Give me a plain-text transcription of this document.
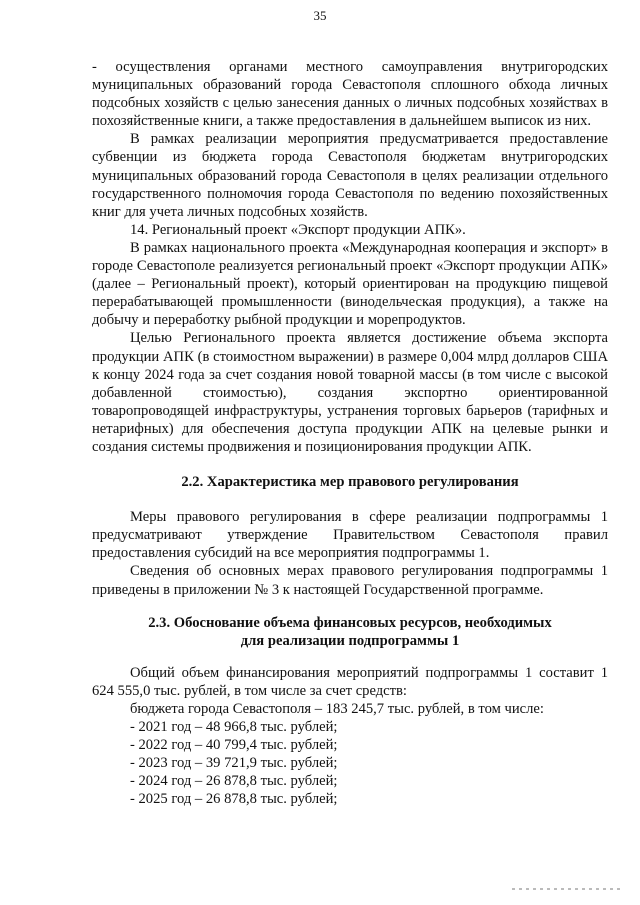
35

- осуществления органами местного самоуправления внутригородских муниципальных образований города Севастополя сплошного обхода личных подсобных хозяйств с целью занесения данных о личных подсобных хозяйствах в похозяйственные книги, а также предоставления в дальнейшем выписок из них.

В рамках реализации мероприятия предусматривается предоставление субвенции из бюджета города Севастополя бюджетам внутригородских муниципальных образований города Севастополя в целях реализации отдельного государственного полномочия города Севастополя по ведению похозяйственных книг для учета личных подсобных хозяйств.

14. Региональный проект «Экспорт продукции АПК».

В рамках национального проекта «Международная кооперация и экспорт» в городе Севастополе реализуется региональный проект «Экспорт продукции АПК» (далее – Региональный проект), который ориентирован на продукцию пищевой перерабатывающей промышленности (винодельческая продукция), а также на добычу и переработку рыбной продукции и морепродуктов.

Целью Регионального проекта является достижение объема экспорта продукции АПК (в стоимостном выражении) в размере 0,004 млрд долларов США к концу 2024 года за счет создания новой товарной массы (в том числе с высокой добавленной стоимостью), создания экспортно ориентированной товаропроводящей инфраструктуры, устранения торговых барьеров (тарифных и нетарифных) для обеспечения доступа продукции АПК на целевые рынки и создания системы продвижения и позиционирования продукции АПК.

2.2. Характеристика мер правового регулирования

Меры правового регулирования в сфере реализации подпрограммы 1 предусматривают утверждение Правительством Севастополя правил предоставления субсидий на все мероприятия подпрограммы 1.

Сведения об основных мерах правового регулирования подпрограммы 1 приведены в приложении № 3 к настоящей Государственной программе.

2.3. Обоснование объема финансовых ресурсов, необходимых
для реализации подпрограммы 1

Общий объем финансирования мероприятий подпрограммы 1 составит 1 624 555,0 тыс. рублей, в том числе за счет средств:

бюджета города Севастополя – 183 245,7 тыс. рублей, в том числе:

- 2021 год – 48 966,8 тыс. рублей;

- 2022 год – 40 799,4 тыс. рублей;

- 2023 год – 39 721,9 тыс. рублей;

- 2024 год – 26 878,8 тыс. рублей;

- 2025 год – 26 878,8 тыс. рублей;
